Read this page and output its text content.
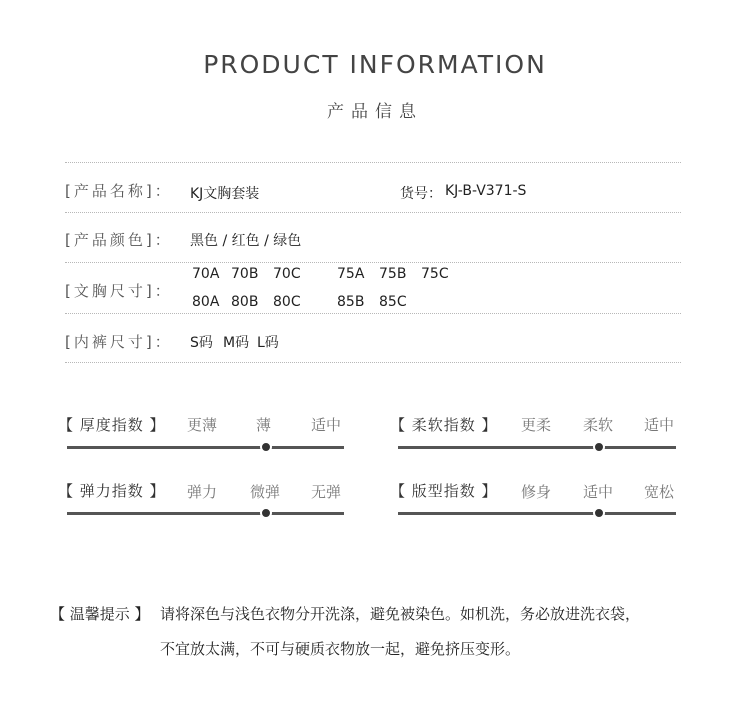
PRODUCT INFORMATION
产品信息
[产品名称]： KJ文胸套装	货号： KJ-B-V371-S
[产品颜色]： 黑色 / 红色 / 绿色
[文胸尺寸]：
70A 70B 70C	75A 75B 75C
80A 80B 80C	85B 85C
[内裤尺寸]： S码 M码 L码
【 厚度指数 】 更薄	薄	适中	【 柔软指数 】 更柔 柔软 适中
【 弹力指数 】 弹力 微弹 无弹	【 版型指数 】 修身 适中 宽松
【 温馨提示 】 请将深色与浅色衣物分开洗涤，避免被染色。如机洗，务必放进洗衣袋，
不宜放太满，不可与硬质衣物放一起，避免挤压变形。
